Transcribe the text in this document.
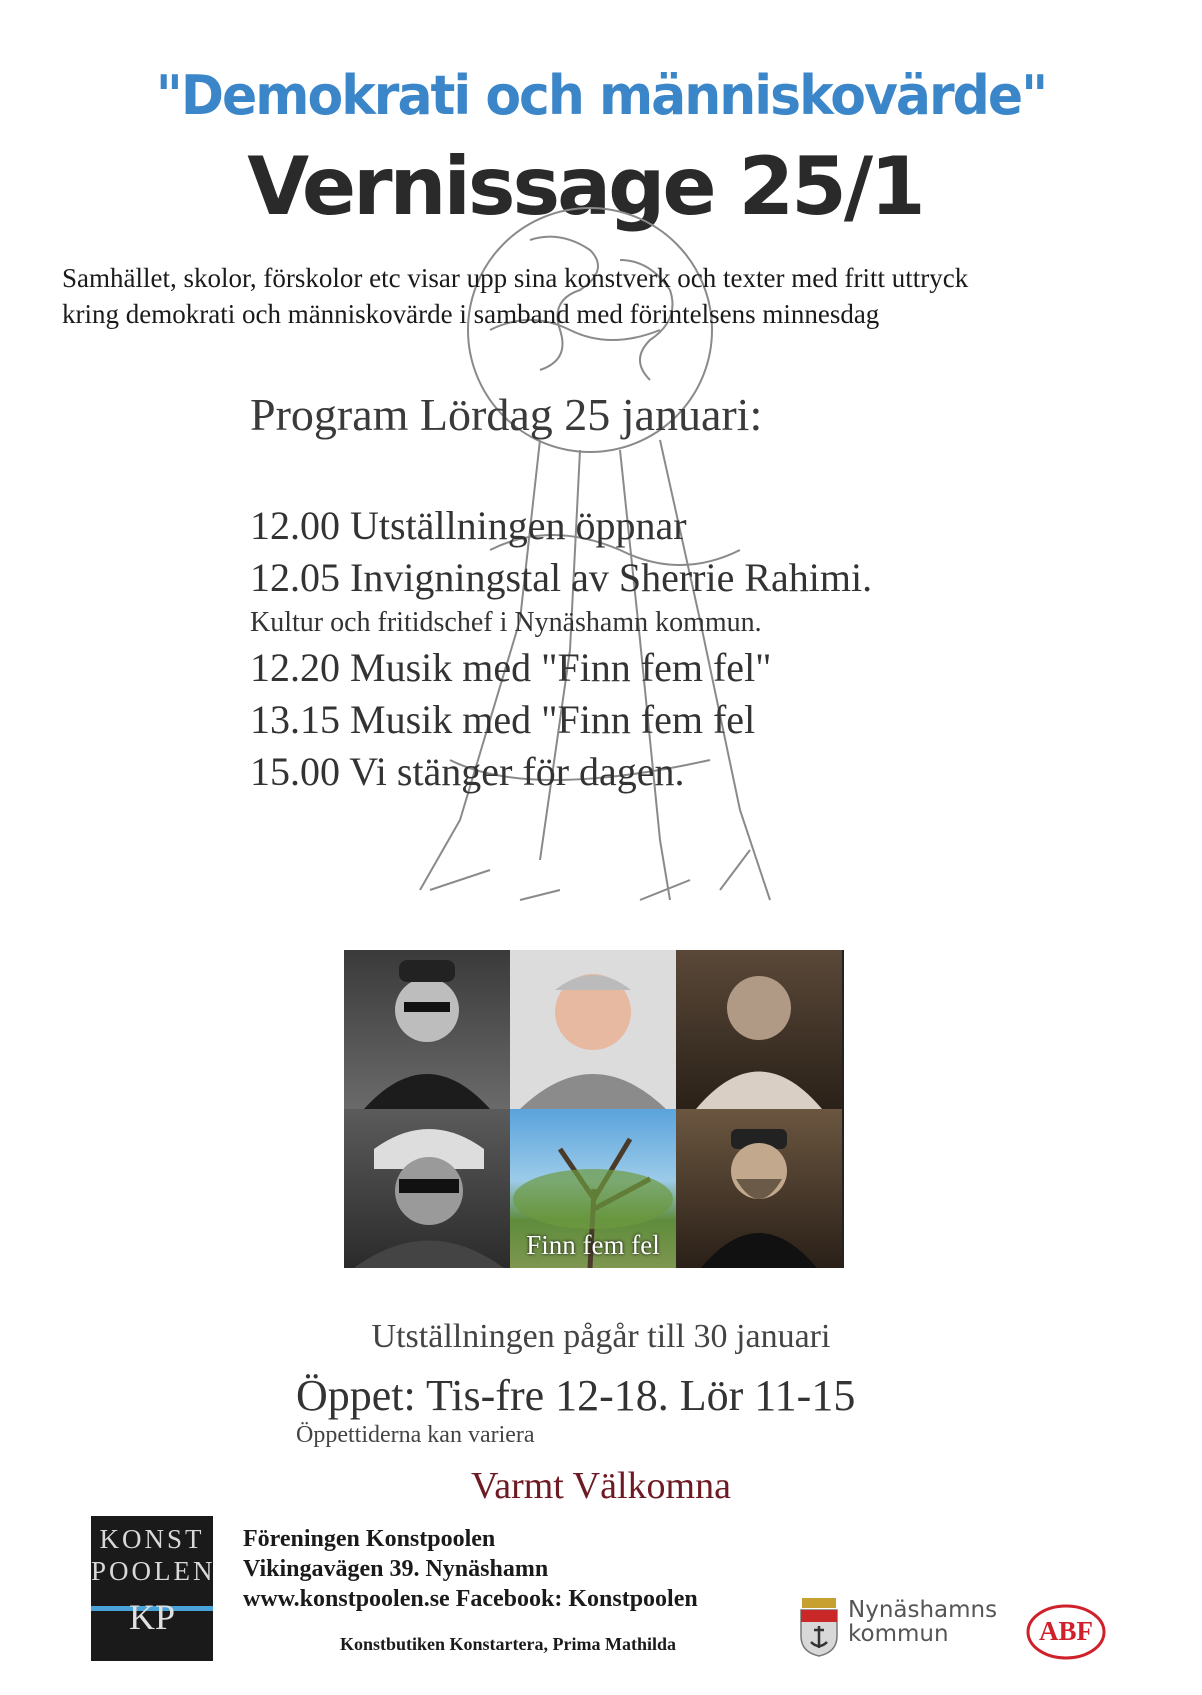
"Demokrati och människovärde"
Vernissage 25/1
Samhället, skolor, förskolor etc visar upp sina konstverk och texter med fritt uttryck
kring demokrati och människovärde i samband med förintelsens minnesdag
Program Lördag 25 januari:
12.00 Utställningen öppnar
12.05 Invigningstal av Sherrie Rahimi.
Kultur och fritidschef i Nynäshamn kommun.
12.20 Musik med "Finn fem fel"
13.15 Musik med "Finn fem fel
15.00 Vi stänger för dagen.
Finn fem fel
Utställningen pågår till 30 januari
Öppet: Tis-fre 12-18. Lör 11-15
Öppettiderna kan variera
Varmt Välkomna
KONST
POOLEN
KP
Föreningen Konstpoolen
Vikingavägen 39. Nynäshamn
www.konstpoolen.se Facebook: Konstpoolen
Konstbutiken Konstartera, Prima Mathilda
Nynäshamns
kommun	ABF
